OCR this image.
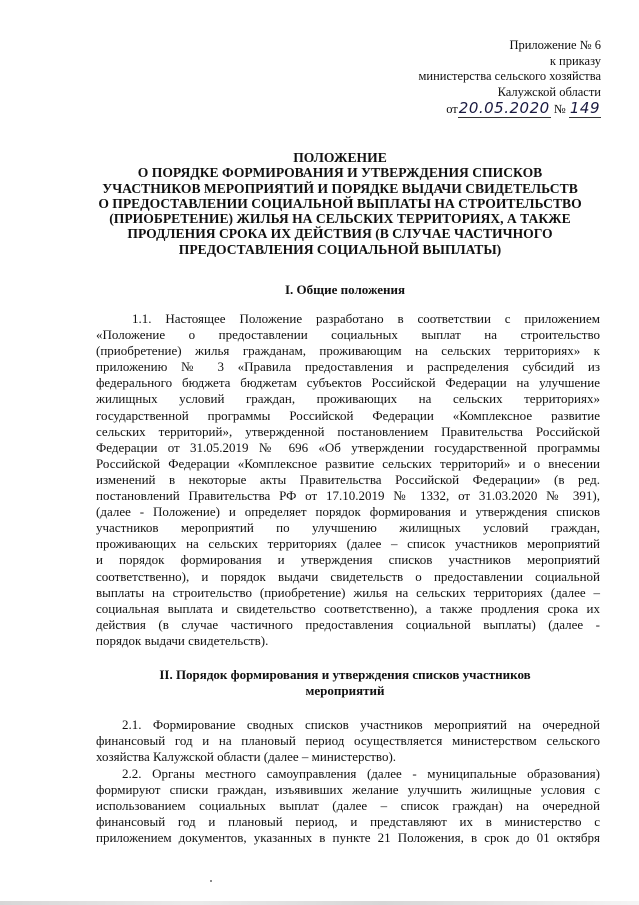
Приложение № 6
к приказу
министерства сельского хозяйства
Калужской области
от20.05.2020 № 149
ПОЛОЖЕНИЕ
О ПОРЯДКЕ ФОРМИРОВАНИЯ И УТВЕРЖДЕНИЯ СПИСКОВ
УЧАСТНИКОВ МЕРОПРИЯТИЙ И ПОРЯДКЕ ВЫДАЧИ СВИДЕТЕЛЬСТВ
О ПРЕДОСТАВЛЕНИИ СОЦИАЛЬНОЙ ВЫПЛАТЫ НА СТРОИТЕЛЬСТВО
(ПРИОБРЕТЕНИЕ) ЖИЛЬЯ НА СЕЛЬСКИХ ТЕРРИТОРИЯХ, А ТАКЖЕ
ПРОДЛЕНИЯ СРОКА ИХ ДЕЙСТВИЯ (В СЛУЧАЕ ЧАСТИЧНОГО
ПРЕДОСТАВЛЕНИЯ СОЦИАЛЬНОЙ ВЫПЛАТЫ)
I. Общие положения
1.1. Настоящее Положение разработано в соответствии с приложением
«Положение о предоставлении социальных выплат на строительство
(приобретение) жилья гражданам, проживающим на сельских территориях» к
приложению № 3 «Правила предоставления и распределения субсидий из
федерального бюджета бюджетам субъектов Российской Федерации на улучшение
жилищных условий граждан, проживающих на сельских территориях»
государственной программы Российской Федерации «Комплексное развитие
сельских территорий», утвержденной постановлением Правительства Российской
Федерации от 31.05.2019 № 696 «Об утверждении государственной программы
Российской Федерации «Комплексное развитие сельских территорий» и о внесении
изменений в некоторые акты Правительства Российской Федерации» (в ред.
постановлений Правительства РФ от 17.10.2019 № 1332, от 31.03.2020 № 391),
(далее - Положение) и определяет порядок формирования и утверждения списков
участников мероприятий по улучшению жилищных условий граждан,
проживающих на сельских территориях (далее – список участников мероприятий
и порядок формирования и утверждения списков участников мероприятий
соответственно), и порядок выдачи свидетельств о предоставлении социальной
выплаты на строительство (приобретение) жилья на сельских территориях (далее –
социальная выплата и свидетельство соответственно), а также продления срока их
действия (в случае частичного предоставления социальной выплаты) (далее -
порядок выдачи свидетельств).
II. Порядок формирования и утверждения списков участников
мероприятий
2.1. Формирование сводных списков участников мероприятий на очередной
финансовый год и на плановый период осуществляется министерством сельского
хозяйства Калужской области (далее – министерство).
2.2. Органы местного самоуправления (далее - муниципальные образования)
формируют списки граждан, изъявивших желание улучшить жилищные условия с
использованием социальных выплат (далее – список граждан) на очередной
финансовый год и плановый период, и представляют их в министерство с
приложением документов, указанных в пункте 21 Положения, в срок до 01 октября
